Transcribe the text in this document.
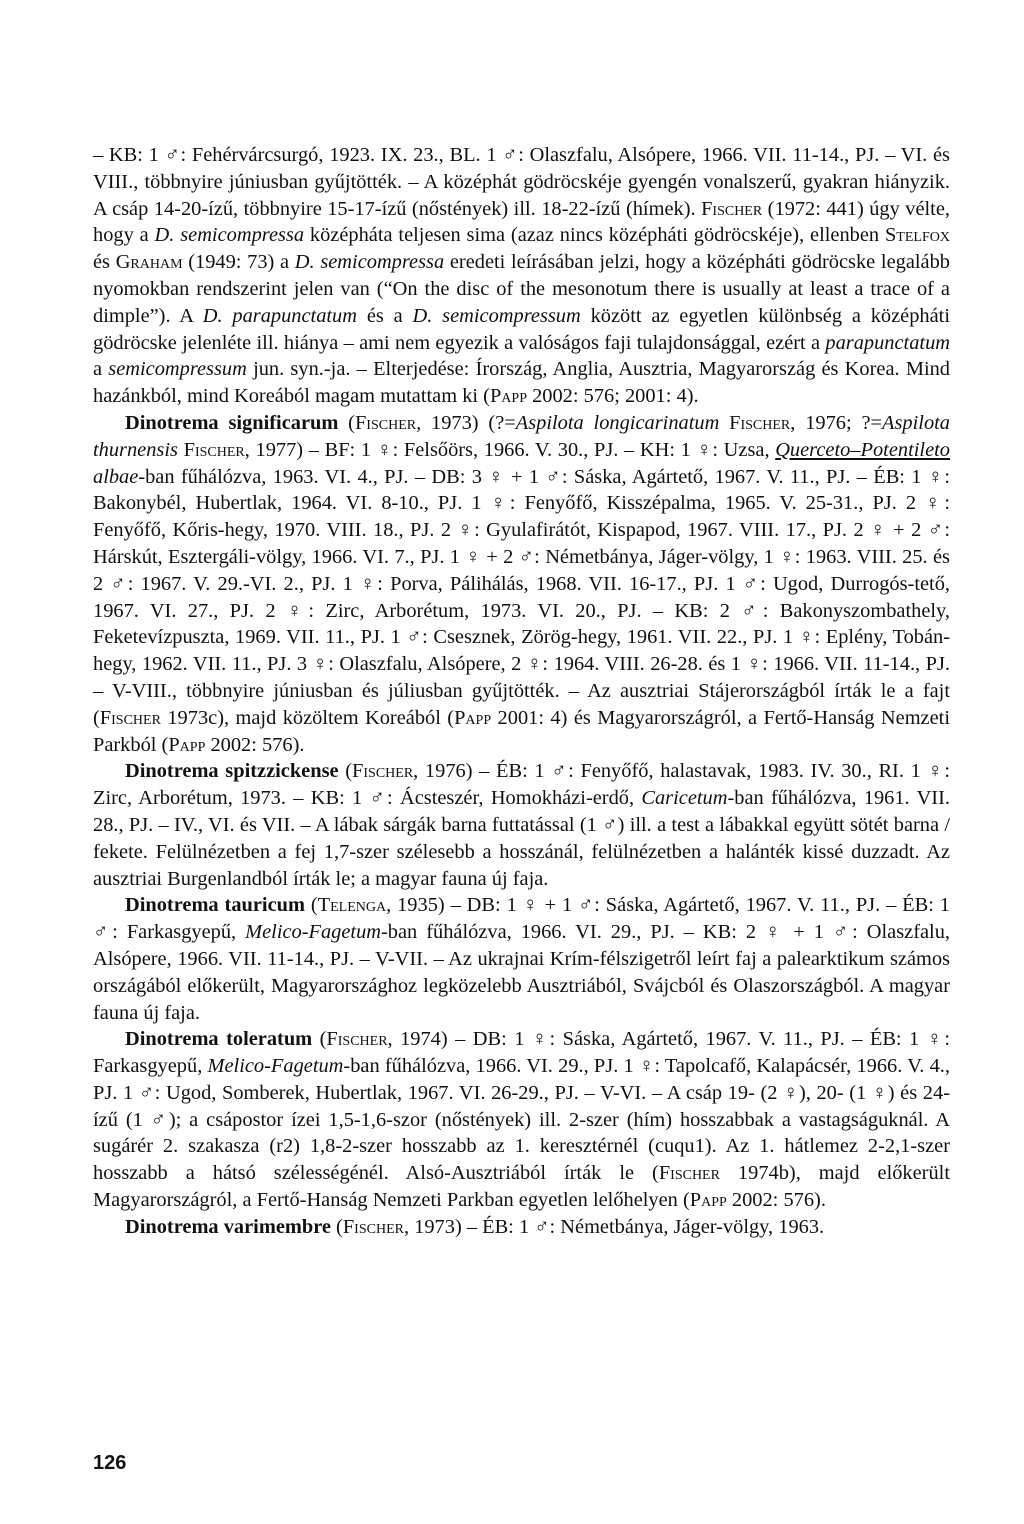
– KB: 1 ♂: Fehérvárcsurgó, 1923. IX. 23., BL. 1 ♂: Olaszfalu, Alsópere, 1966. VII. 11-14., PJ. – VI. és VIII., többnyire júniusban gyűjtötték. – A középhát gödröcskéje gyengén vonalszerű, gyakran hiányzik. A csáp 14-20-ízű, többnyire 15-17-ízű (nőstények) ill. 18-22-ízű (hímek). Fischer (1972: 441) úgy vélte, hogy a D. semicompressa középháta teljesen sima (azaz nincs középháti gödröcskéje), ellenben Stelfox és Graham (1949: 73) a D. semicompressa eredeti leírásában jelzi, hogy a középháti gödröcske legalább nyomokban rendszerint jelen van (“On the disc of the mesonotum there is usually at least a trace of a dimple”). A D. parapunctatum és a D. semicompressum között az egyetlen különbség a középháti gödröcske jelenléte ill. hiánya – ami nem egyezik a valóságos faji tulajdonsággal, ezért a parapunctatum a semicompressum jun. syn.-ja. – Elterjedése: Írország, Anglia, Ausztria, Magyarország és Korea. Mind hazánkból, mind Koreából magam mutattam ki (Papp 2002: 576; 2001: 4).

Dinotrema significarum (Fischer, 1973) (?=Aspilota longicarinatum Fischer, 1976; ?=Aspilota thurnensis Fischer, 1977) – BF: 1 ♀: Felsőörs, 1966. V. 30., PJ. – KH: 1 ♀: Uzsa, Querceto–Potentileto albae-ban fűhálózva, 1963. VI. 4., PJ. – DB: 3 ♀ + 1 ♂: Sáska, Agártető, 1967. V. 11., PJ. – ÉB: 1 ♀: Bakonybél, Hubertlak, 1964. VI. 8-10., PJ. 1 ♀: Fenyőfő, Kisszépalma, 1965. V. 25-31., PJ. 2 ♀: Fenyőfő, Kőris-hegy, 1970. VIII. 18., PJ. 2 ♀: Gyulafirátót, Kispapod, 1967. VIII. 17., PJ. 2 ♀ + 2 ♂: Hárskút, Esztergáli-völgy, 1966. VI. 7., PJ. 1 ♀ + 2 ♂: Németbánya, Jáger-völgy, 1 ♀: 1963. VIII. 25. és 2 ♂: 1967. V. 29.-VI. 2., PJ. 1 ♀: Porva, Pálihálás, 1968. VII. 16-17., PJ. 1 ♂: Ugod, Durrogós-tető, 1967. VI. 27., PJ. 2 ♀: Zirc, Arborétum, 1973. VI. 20., PJ. – KB: 2 ♂: Bakonyszombathely, Feketevízpuszta, 1969. VII. 11., PJ. 1 ♂: Csesznek, Zörög-hegy, 1961. VII. 22., PJ. 1 ♀: Eplény, Tobán-hegy, 1962. VII. 11., PJ. 3 ♀: Olaszfalu, Alsópere, 2 ♀: 1964. VIII. 26-28. és 1 ♀: 1966. VII. 11-14., PJ. – V-VIII., többnyire júniusban és júliusban gyűjtötték. – Az ausztriai Stájerországból írták le a fajt (Fischer 1973c), majd közöltem Koreából (Papp 2001: 4) és Magyarországról, a Fertő-Hanság Nemzeti Parkból (Papp 2002: 576).

Dinotrema spitzzickense (Fischer, 1976) – ÉB: 1 ♂: Fenyőfő, halastavak, 1983. IV. 30., RI. 1 ♀: Zirc, Arborétum, 1973. – KB: 1 ♂: Ácsteszér, Homokházi-erdő, Caricetum-ban fűhálózva, 1961. VII. 28., PJ. – IV., VI. és VII. – A lábak sárgák barna futtatással (1 ♂) ill. a test a lábakkal együtt sötét barna / fekete. Felülnézetben a fej 1,7-szer szélesebb a hosszánál, felülnézetben a halánték kissé duzzadt. Az ausztriai Burgenlandból írták le; a magyar fauna új faja.

Dinotrema tauricum (Telenga, 1935) – DB: 1 ♀ + 1 ♂: Sáska, Agártető, 1967. V. 11., PJ. – ÉB: 1 ♂: Farkasgyepű, Melico-Fagetum-ban fűhálózva, 1966. VI. 29., PJ. – KB: 2 ♀ + 1 ♂: Olaszfalu, Alsópere, 1966. VII. 11-14., PJ. – V-VII. – Az ukrajnai Krím-félszigetről leírt faj a palearktikum számos országából előkerült, Magyarországhoz legközelebb Ausztriából, Svájcból és Olaszországból. A magyar fauna új faja.

Dinotrema toleratum (Fischer, 1974) – DB: 1 ♀: Sáska, Agártető, 1967. V. 11., PJ. – ÉB: 1 ♀: Farkasgyepű, Melico-Fagetum-ban fűhálózva, 1966. VI. 29., PJ. 1 ♀: Tapolcafő, Kalapácsér, 1966. V. 4., PJ. 1 ♂: Ugod, Somberek, Hubertlak, 1967. VI. 26-29., PJ. – V-VI. – A csáp 19- (2 ♀), 20- (1 ♀) és 24-ízű (1 ♂); a csápostor ízei 1,5-1,6-szor (nőstények) ill. 2-szer (hím) hosszabbak a vastagságuknál. A sugárér 2. szakasza (r2) 1,8-2-szer hosszabb az 1. keresztérnél (cuqu1). Az 1. hátlemez 2-2,1-szer hosszabb a hátsó szélességénél. Alsó-Ausztriából írták le (Fischer 1974b), majd előkerült Magyarországról, a Fertő-Hanság Nemzeti Parkban egyetlen lelőhelyen (Papp 2002: 576).

Dinotrema varimembre (Fischer, 1973) – ÉB: 1 ♂: Németbánya, Jáger-völgy, 1963.

126
